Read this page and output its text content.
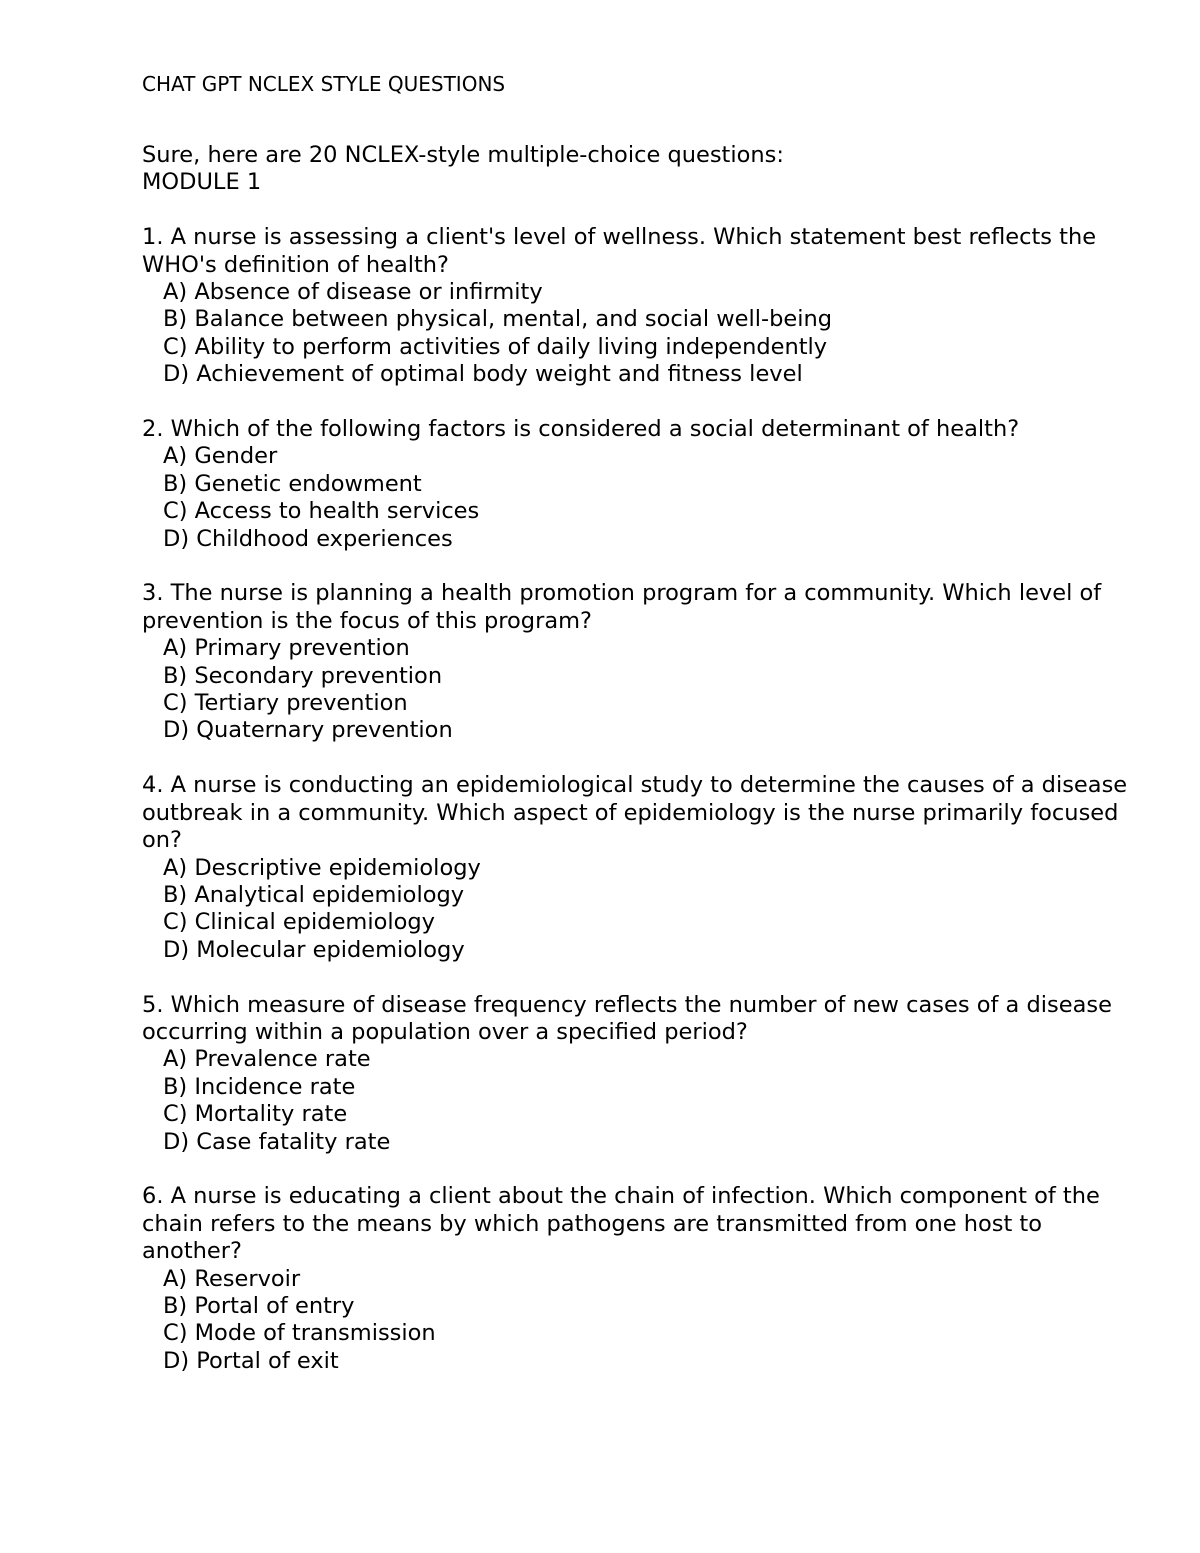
CHAT GPT NCLEX STYLE QUESTIONS

Sure, here are 20 NCLEX-style multiple-choice questions:

MODULE 1

1. A nurse is assessing a client's level of wellness. Which statement best reflects the WHO's definition of health?

A) Absence of disease or infirmity
B) Balance between physical, mental, and social well-being
C) Ability to perform activities of daily living independently
D) Achievement of optimal body weight and fitness level

2. Which of the following factors is considered a social determinant of health?

A) Gender
B) Genetic endowment
C) Access to health services
D) Childhood experiences

3. The nurse is planning a health promotion program for a community. Which level of prevention is the focus of this program?

A) Primary prevention
B) Secondary prevention
C) Tertiary prevention
D) Quaternary prevention

4. A nurse is conducting an epidemiological study to determine the causes of a disease outbreak in a community. Which aspect of epidemiology is the nurse primarily focused on?

A) Descriptive epidemiology
B) Analytical epidemiology
C) Clinical epidemiology
D) Molecular epidemiology

5. Which measure of disease frequency reflects the number of new cases of a disease occurring within a population over a specified period?

A) Prevalence rate
B) Incidence rate
C) Mortality rate
D) Case fatality rate

6. A nurse is educating a client about the chain of infection. Which component of the chain refers to the means by which pathogens are transmitted from one host to another?

A) Reservoir
B) Portal of entry
C) Mode of transmission
D) Portal of exit
